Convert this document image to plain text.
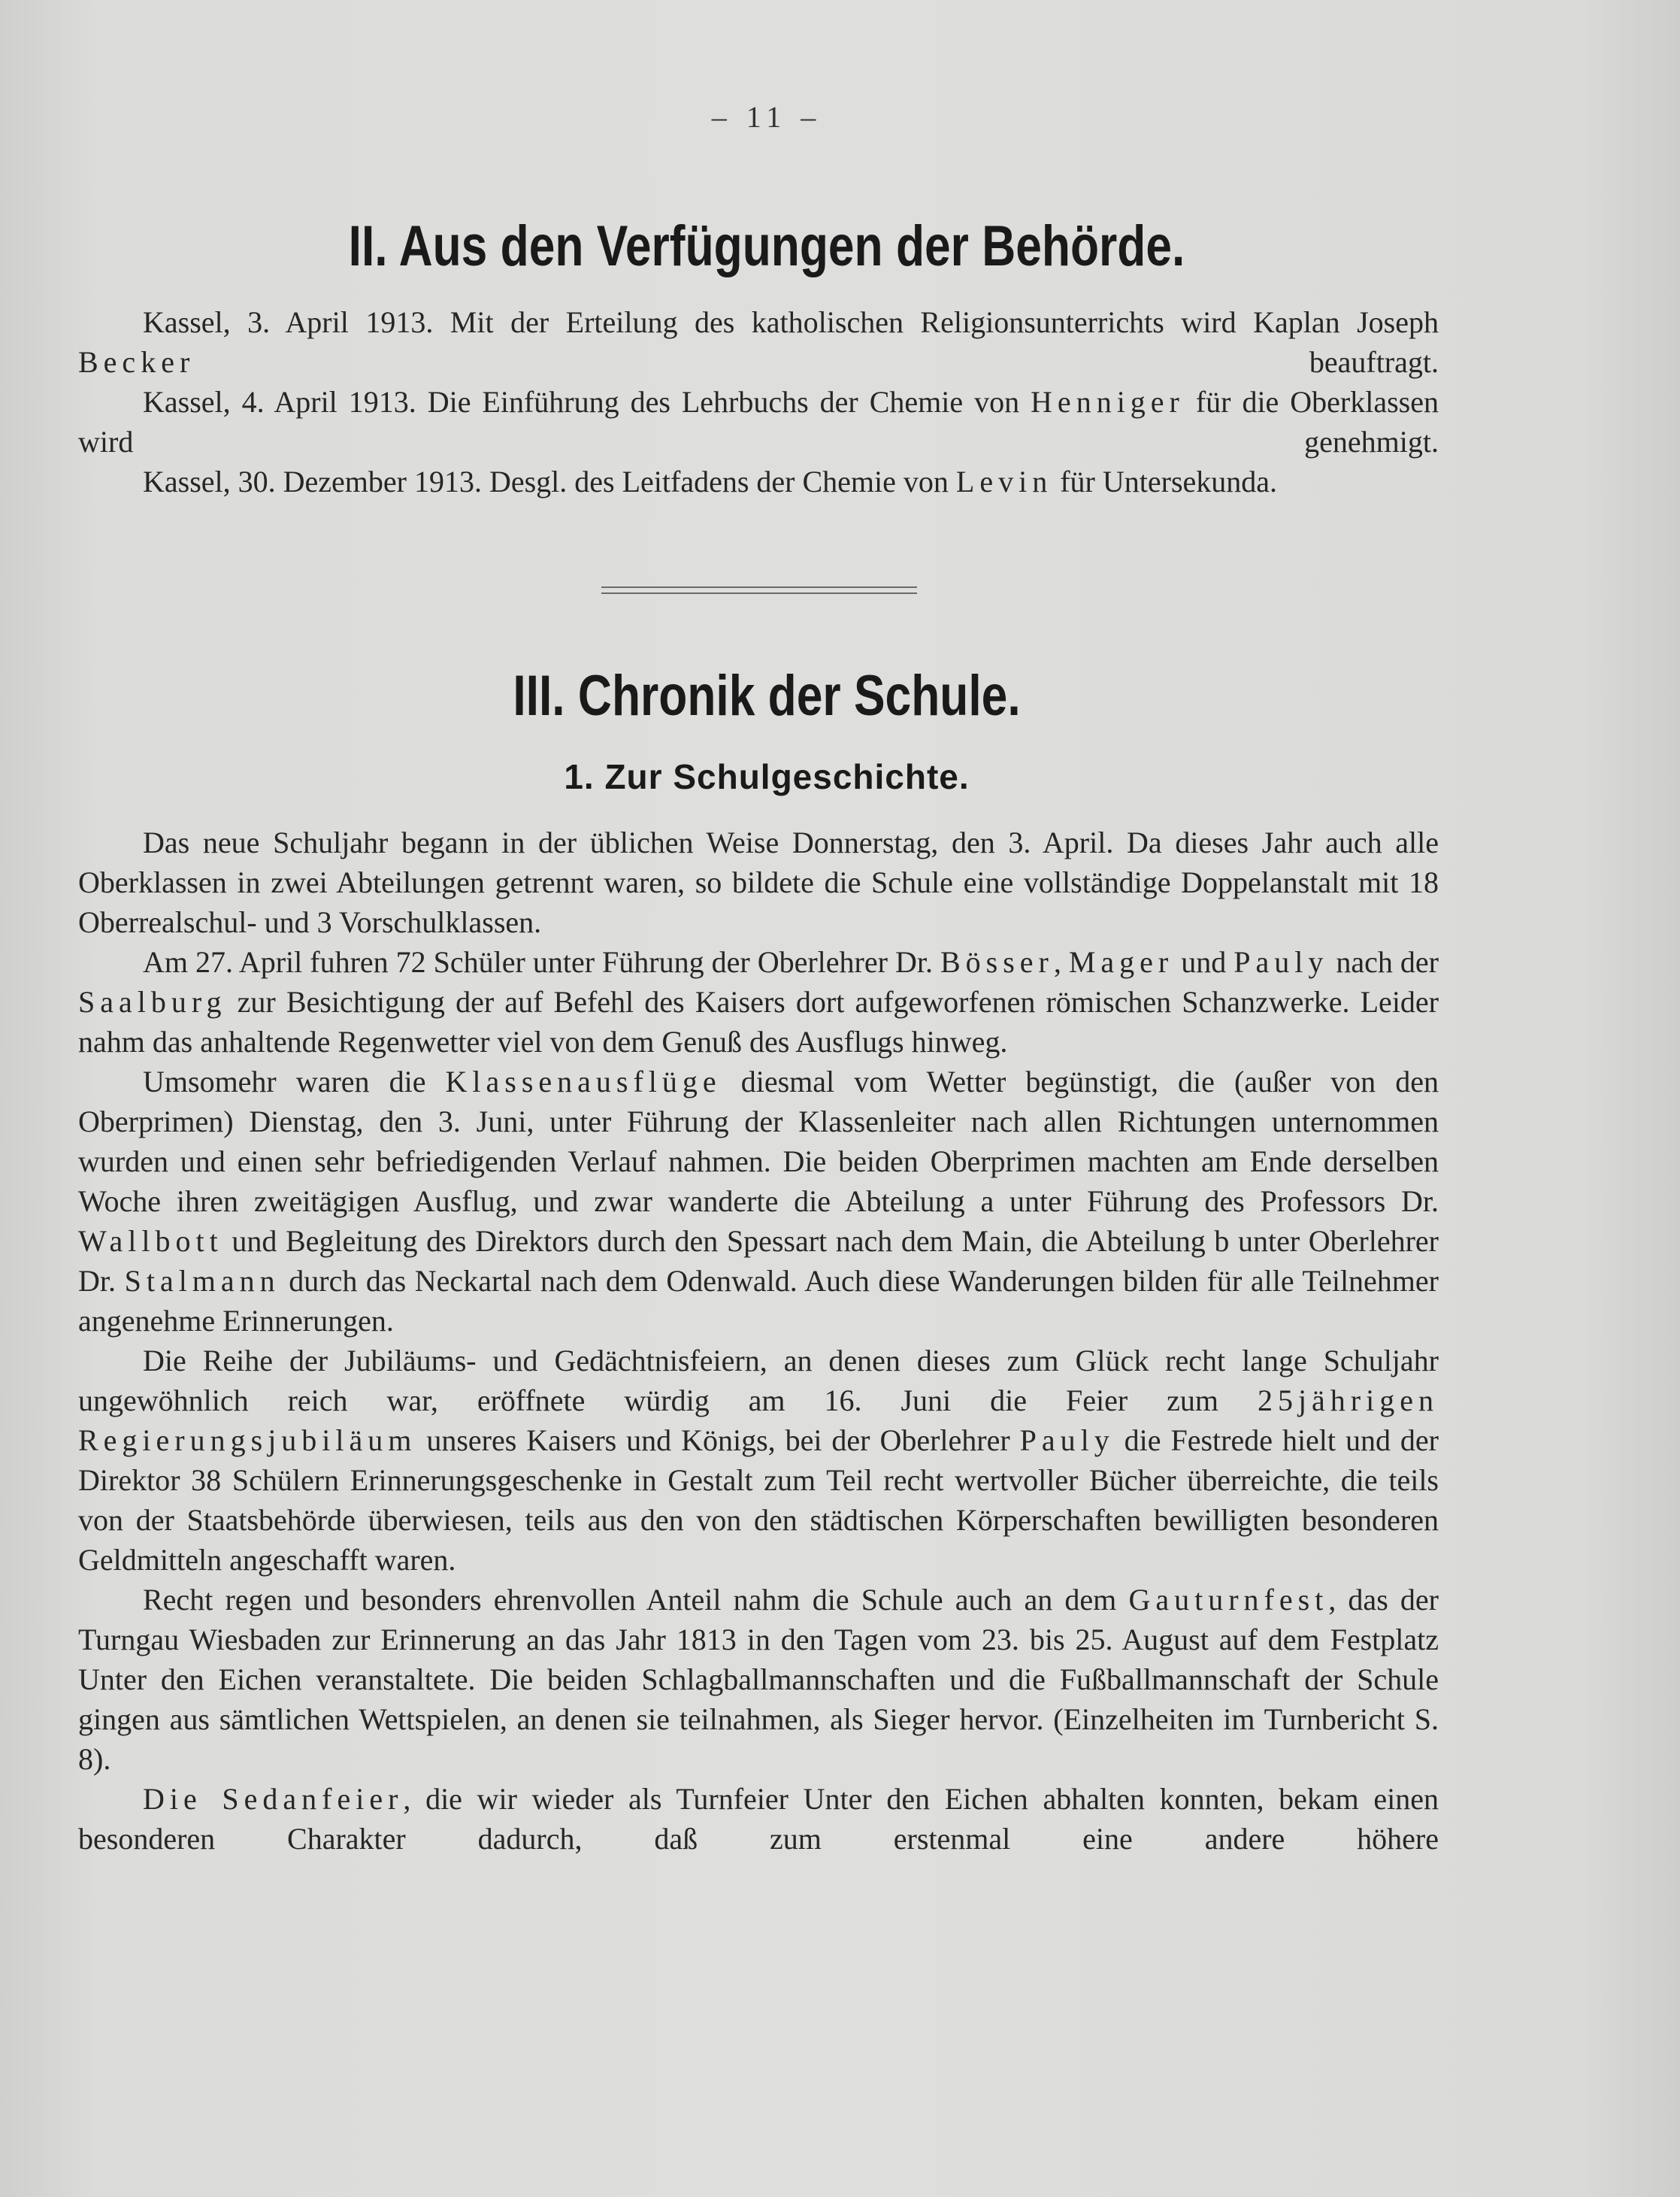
– 11 –
II. Aus den Verfügungen der Behörde.

Kassel, 3. April 1913. Mit der Erteilung des katholischen Religionsunterrichts wird Kaplan Joseph Becker beauftragt.

Kassel, 4. April 1913. Die Einführung des Lehrbuchs der Chemie von Henniger für die Oberklassen wird genehmigt.

Kassel, 30. Dezember 1913. Desgl. des Leitfadens der Chemie von Levin für Untersekunda.

III. Chronik der Schule.
1. Zur Schulgeschichte.

Das neue Schuljahr begann in der üblichen Weise Donnerstag, den 3. April. Da dieses Jahr auch alle Oberklassen in zwei Abteilungen getrennt waren, so bildete die Schule eine vollständige Doppelanstalt mit 18 Oberrealschul- und 3 Vorschulklassen.

Am 27. April fuhren 72 Schüler unter Führung der Oberlehrer Dr. Bösser, Mager und Pauly nach der Saalburg zur Besichtigung der auf Befehl des Kaisers dort aufgeworfenen römischen Schanzwerke. Leider nahm das anhaltende Regenwetter viel von dem Genuß des Ausflugs hinweg.

Umsomehr waren die Klassenausflüge diesmal vom Wetter begünstigt, die (außer von den Oberprimen) Dienstag, den 3. Juni, unter Führung der Klassenleiter nach allen Richtungen unternommen wurden und einen sehr befriedigenden Verlauf nahmen. Die beiden Oberprimen machten am Ende derselben Woche ihren zweitägigen Ausflug, und zwar wanderte die Abteilung a unter Führung des Professors Dr. Wallbott und Begleitung des Direktors durch den Spessart nach dem Main, die Abteilung b unter Oberlehrer Dr. Stalmann durch das Neckartal nach dem Odenwald. Auch diese Wanderungen bilden für alle Teilnehmer angenehme Erinnerungen.

Die Reihe der Jubiläums- und Gedächtnisfeiern, an denen dieses zum Glück recht lange Schuljahr ungewöhnlich reich war, eröffnete würdig am 16. Juni die Feier zum 25jährigen Regierungsjubiläum unseres Kaisers und Königs, bei der Oberlehrer Pauly die Festrede hielt und der Direktor 38 Schülern Erinnerungsgeschenke in Gestalt zum Teil recht wertvoller Bücher überreichte, die teils von der Staatsbehörde überwiesen, teils aus den von den städtischen Körperschaften bewilligten besonderen Geldmitteln angeschafft waren.

Recht regen und besonders ehrenvollen Anteil nahm die Schule auch an dem Gauturnfest, das der Turngau Wiesbaden zur Erinnerung an das Jahr 1813 in den Tagen vom 23. bis 25. August auf dem Festplatz Unter den Eichen veranstaltete. Die beiden Schlagballmannschaften und die Fußballmannschaft der Schule gingen aus sämtlichen Wettspielen, an denen sie teilnahmen, als Sieger hervor. (Einzelheiten im Turnbericht S. 8).

Die Sedanfeier, die wir wieder als Turnfeier Unter den Eichen abhalten konnten, bekam einen besonderen Charakter dadurch, daß zum erstenmal eine andere höhere
